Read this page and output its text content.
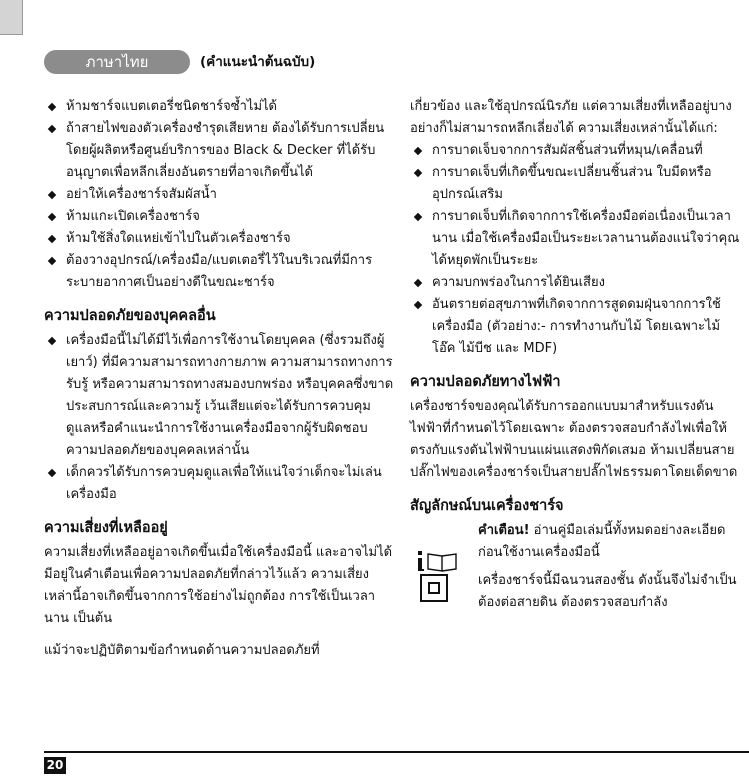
ภาษาไทย	(คำแนะนำต้นฉบับ)
ห้ามชาร์จแบตเตอรี่ชนิดชาร์จซ้ำไม่ได้
ถ้าสายไฟของตัวเครื่องชำรุดเสียหาย ต้องได้รับการเปลี่ยนโดยผู้ผลิตหรือศูนย์บริการของ Black & Decker ที่ได้รับอนุญาตเพื่อหลีกเลี่ยงอันตรายที่อาจเกิดขึ้นได้
อย่าให้เครื่องชาร์จสัมผัสน้ำ
ห้ามแกะเปิดเครื่องชาร์จ
ห้ามใช้สิ่งใดแหย่เข้าไปในตัวเครื่องชาร์จ
ต้องวางอุปกรณ์/เครื่องมือ/แบตเตอรี่ไว้ในบริเวณที่มีการระบายอากาศเป็นอย่างดีในขณะชาร์จ
ความปลอดภัยของบุคคลอื่น
เครื่องมือนี้ไม่ได้มีไว้เพื่อการใช้งานโดยบุคคล (ซึ่งรวมถึงผู้เยาว์) ที่มีความสามารถทางกายภาพ ความสามารถทางการรับรู้ หรือความสามารถทางสมองบกพร่อง หรือบุคคลซึ่งขาดประสบการณ์และความรู้ เว้นเสียแต่จะได้รับการควบคุมดูแลหรือคำแนะนำการใช้งานเครื่องมือจากผู้รับผิดชอบความปลอดภัยของบุคคลเหล่านั้น
เด็กควรได้รับการควบคุมดูแลเพื่อให้แน่ใจว่าเด็กจะไม่เล่นเครื่องมือ
ความเสี่ยงที่เหลืออยู่

ความเสี่ยงที่เหลืออยู่อาจเกิดขึ้นเมื่อใช้เครื่องมือนี้ และอาจไม่ได้มีอยู่ในคำเตือนเพื่อความปลอดภัยที่กล่าวไว้แล้ว ความเสี่ยงเหล่านี้อาจเกิดขึ้นจากการใช้อย่างไม่ถูกต้อง การใช้เป็นเวลานาน เป็นต้น

แม้ว่าจะปฏิบัติตามข้อกำหนดด้านความปลอดภัยที่

เกี่ยวข้อง และใช้อุปกรณ์นิรภัย แต่ความเสี่ยงที่เหลืออยู่บางอย่างก็ไม่สามารถหลีกเลี่ยงได้ ความเสี่ยงเหล่านั้นได้แก่:

การบาดเจ็บจากการสัมผัสชิ้นส่วนที่หมุน/เคลื่อนที่
การบาดเจ็บที่เกิดขึ้นขณะเปลี่ยนชิ้นส่วน ใบมีดหรืออุปกรณ์เสริม
การบาดเจ็บที่เกิดจากการใช้เครื่องมือต่อเนื่องเป็นเวลานาน เมื่อใช้เครื่องมือเป็นระยะเวลานานต้องแน่ใจว่าคุณได้หยุดพักเป็นระยะ
ความบกพร่องในการได้ยินเสียง
อันตรายต่อสุขภาพที่เกิดจากการสูดดมฝุ่นจากการใช้เครื่องมือ (ตัวอย่าง:- การทำงานกับไม้ โดยเฉพาะไม้โอ๊ค ไม้บีช และ MDF)
ความปลอดภัยทางไฟฟ้า

เครื่องชาร์จของคุณได้รับการออกแบบมาสำหรับแรงดันไฟฟ้าที่กำหนดไว้โดยเฉพาะ ต้องตรวจสอบกำลังไฟเพื่อให้ตรงกับแรงดันไฟฟ้าบนแผ่นแสดงพิกัดเสมอ ห้ามเปลี่ยนสายปลั๊กไฟของเครื่องชาร์จเป็นสายปลั๊กไฟธรรมดาโดยเด็ดขาด

สัญลักษณ์บนเครื่องชาร์จ
คำเตือน! อ่านคู่มือเล่มนี้ทั้งหมดอย่างละเอียดก่อนใช้งานเครื่องมือนี้
เครื่องชาร์จนี้มีฉนวนสองชั้น ดังนั้นจึงไม่จำเป็นต้องต่อสายดิน ต้องตรวจสอบกำลัง
20
